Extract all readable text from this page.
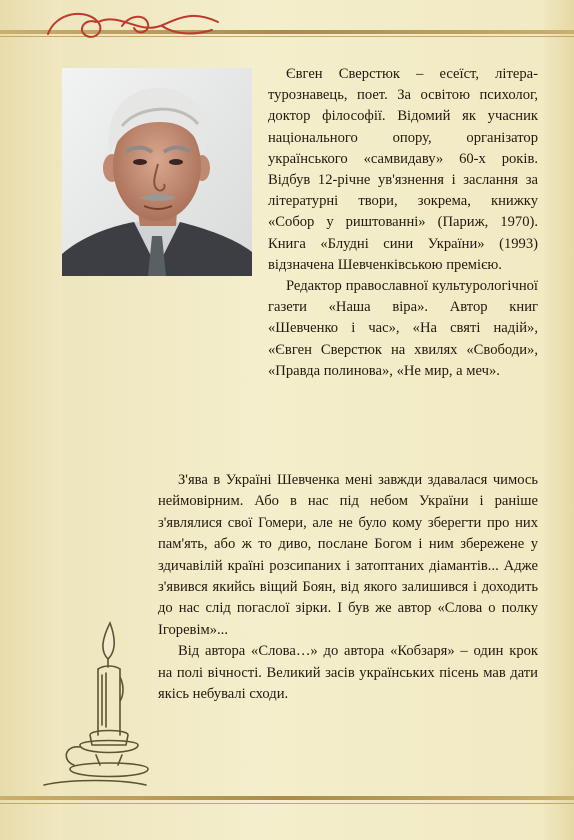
Євген Сверстюк – есеїст, літературознавець, поет. За освітою психолог, доктор філософії. Відомий як учасник національного опору, організатор українського «самвидаву» 60-х років. Відбув 12-річне ув'язнення і заслання за літературні твори, зокрема, книжку «Собор у риштованні» (Париж, 1970). Книга «Блудні сини України» (1993) відзначена Шевченківською премією.

Редактор православної культурологічної газети «Наша віра». Автор книг «Шевченко і час», «На святі надій», «Євген Сверстюк на хвилях «Свободи», «Правда полинова», «Не мир, а меч».

З'ява в Україні Шевченка мені завжди здавалася чимось неймовірним. Або в нас під небом України і раніше з'являлися свої Гомери, але не було кому зберегти про них пам'ять, або ж то диво, послане Богом і ним збережене у здичавілій країні розсипаних і затоптаних діамантів... Адже з'явився якийсь віщий Боян, від якого залишився і доходить до нас слід погаслої зірки. І був же автор «Слова о полку Ігоревім»...

Від автора «Слова…» до автора «Кобзаря» – один крок на полі вічності. Великий засів українських пісень мав дати якісь небувалі сходи.
